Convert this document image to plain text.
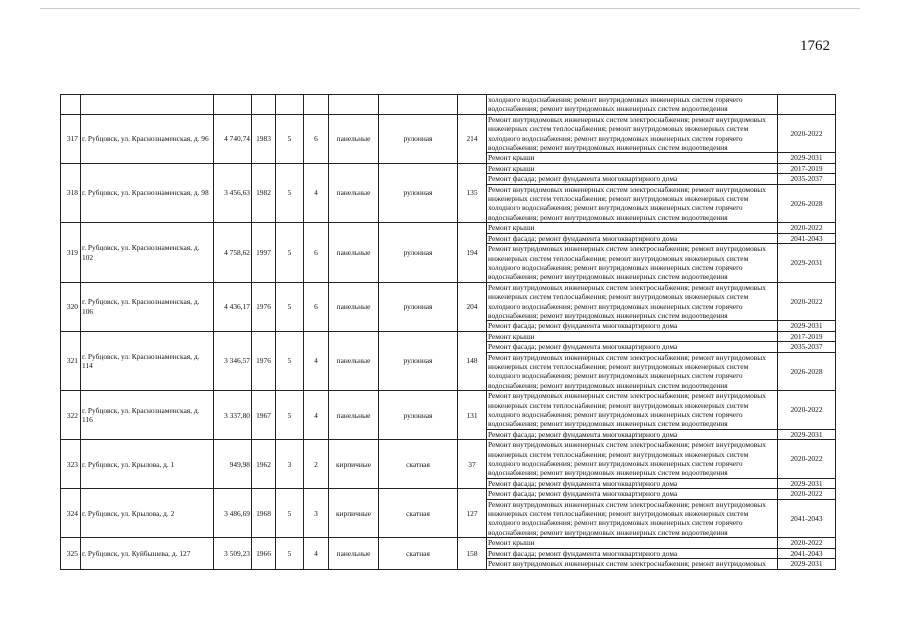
1762
									холодного водоснабжения; ремонт внутридомовых инженерных систем горячего водоснабжения; ремонт внутридомовых инженерных систем водоотведения	
317	г. Рубцовск, ул. Краснознаменская, д. 96	4 740,74	1983	5	6	панельные	рулонная	214	Ремонт внутридомовых инженерных систем электроснабжения; ремонт внутридомовых инженерных систем теплоснабжения; ремонт внутридомовых инженерных систем холодного водоснабжения; ремонт внутридомовых инженерных систем горячего водоснабжения; ремонт внутридомовых инженерных систем водоотведения	2020-2022
									Ремонт крыши	2029-2031
318	г. Рубцовск, ул. Краснознаменская, д. 98	3 456,63	1982	5	4	панельные	рулонная	135	Ремонт крыши	2017-2019
									Ремонт фасада; ремонт фундамента многоквартирного дома	2035-2037
									Ремонт внутридомовых инженерных систем электроснабжения; ремонт внутридомовых инженерных систем теплоснабжения; ремонт внутридомовых инженерных систем холодного водоснабжения; ремонт внутридомовых инженерных систем горячего водоснабжения; ремонт внутридомовых инженерных систем водоотведения	2026-2028
319	г. Рубцовск, ул. Краснознаменская, д. 102	4 758,62	1997	5	6	панельные	рулонная	194	Ремонт крыши	2020-2022
									Ремонт фасада; ремонт фундамента многоквартирного дома	2041-2043
									Ремонт внутридомовых инженерных систем электроснабжения; ремонт внутридомовых инженерных систем теплоснабжения; ремонт внутридомовых инженерных систем холодного водоснабжения; ремонт внутридомовых инженерных систем горячего водоснабжения; ремонт внутридомовых инженерных систем водоотведения	2029-2031
320	г. Рубцовск, ул. Краснознаменская, д. 106	4 436,17	1976	5	6	панельные	рулонная	204	Ремонт внутридомовых инженерных систем электроснабжения; ремонт внутридомовых инженерных систем теплоснабжения; ремонт внутридомовых инженерных систем холодного водоснабжения; ремонт внутридомовых инженерных систем горячего водоснабжения; ремонт внутридомовых инженерных систем водоотведения	2020-2022
									Ремонт фасада; ремонт фундамента многоквартирного дома	2029-2031
321	г. Рубцовск, ул. Краснознаменская, д. 114	3 346,57	1976	5	4	панельные	рулонная	148	Ремонт крыши	2017-2019
									Ремонт фасада; ремонт фундамента многоквартирного дома	2035-2037
									Ремонт внутридомовых инженерных систем электроснабжения; ремонт внутридомовых инженерных систем теплоснабжения; ремонт внутридомовых инженерных систем холодного водоснабжения; ремонт внутридомовых инженерных систем горячего водоснабжения; ремонт внутридомовых инженерных систем водоотведения	2026-2028
322	г. Рубцовск, ул. Краснознаменская, д. 116	3 337,80	1967	5	4	панельные	рулонная	131	Ремонт внутридомовых инженерных систем электроснабжения; ремонт внутридомовых инженерных систем теплоснабжения; ремонт внутридомовых инженерных систем холодного водоснабжения; ремонт внутридомовых инженерных систем горячего водоснабжения; ремонт внутридомовых инженерных систем водоотведения	2020-2022
									Ремонт фасада; ремонт фундамента многоквартирного дома	2029-2031
323	г. Рубцовск, ул. Крылова, д. 1	949,98	1962	3	2	кирпичные	скатная	37	Ремонт внутридомовых инженерных систем электроснабжения; ремонт внутридомовых инженерных систем теплоснабжения; ремонт внутридомовых инженерных систем холодного водоснабжения; ремонт внутридомовых инженерных систем горячего водоснабжения; ремонт внутридомовых инженерных систем водоотведения	2020-2022
									Ремонт фасада; ремонт фундамента многоквартирного дома	2029-2031
324	г. Рубцовск, ул. Крылова, д. 2	3 486,69	1968	5	3	кирпичные	скатная	127	Ремонт фасада; ремонт фундамента многоквартирного дома	2020-2022
									Ремонт внутридомовых инженерных систем электроснабжения; ремонт внутридомовых инженерных систем теплоснабжения; ремонт внутридомовых инженерных систем холодного водоснабжения; ремонт внутридомовых инженерных систем горячего водоснабжения; ремонт внутридомовых инженерных систем водоотведения	2041-2043
325	г. Рубцовск, ул. Куйбышева, д. 127	3 509,23	1966	5	4	панельные	скатная	158	Ремонт крыши	2020-2022
									Ремонт фасада; ремонт фундамента многоквартирного дома	2041-2043
									Ремонт внутридомовых инженерных систем электроснабжения; ремонт внутридомовых	2029-2031
